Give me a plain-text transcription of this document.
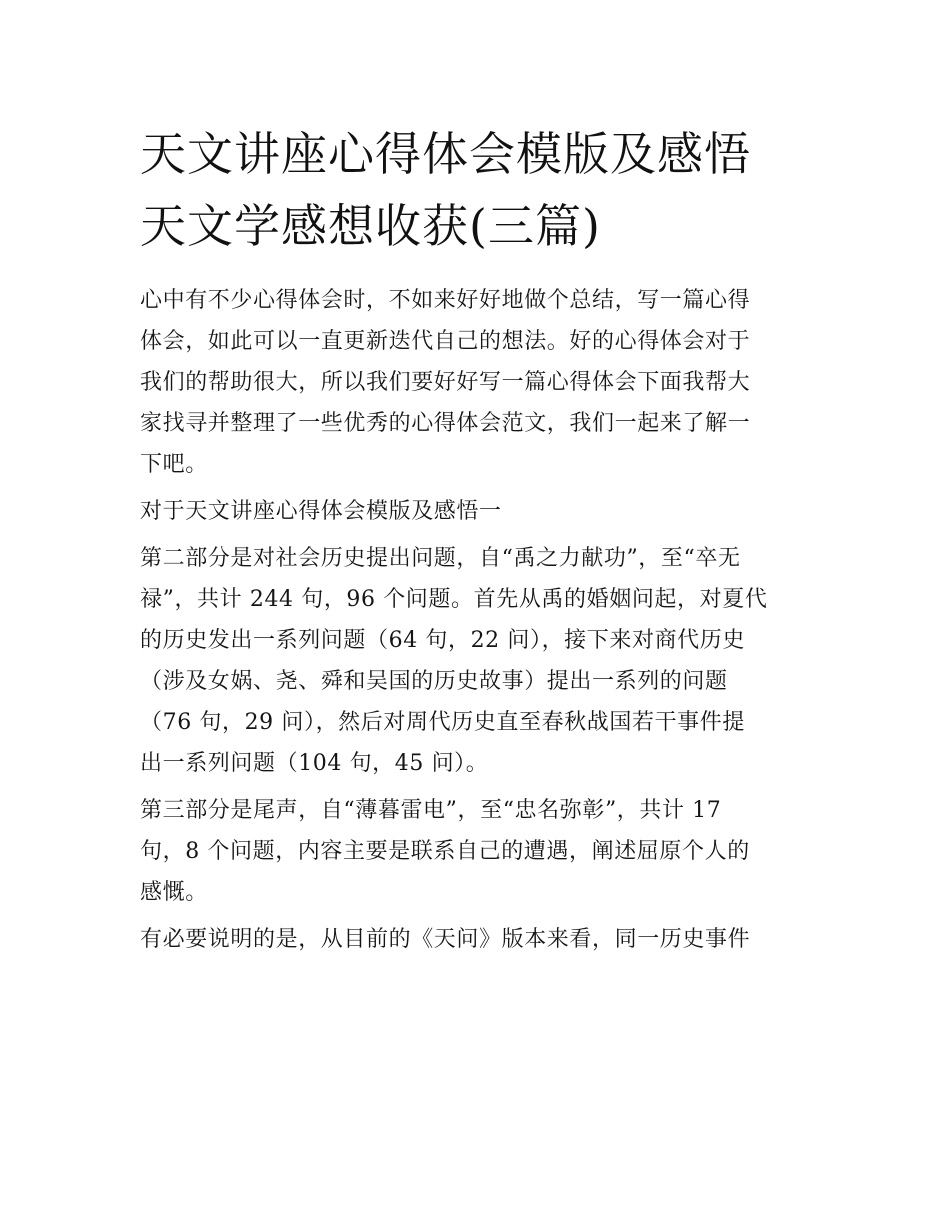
天文讲座心得体会模版及感悟
天文学感想收获(三篇)

心中有不少心得体会时，不如来好好地做个总结，写一篇心得
体会，如此可以一直更新迭代自己的想法。好的心得体会对于
我们的帮助很大，所以我们要好好写一篇心得体会下面我帮大
家找寻并整理了一些优秀的心得体会范文，我们一起来了解一
下吧。

对于天文讲座心得体会模版及感悟一

第二部分是对社会历史提出问题，自“禹之力献功”，至“卒无
禄”，共计 244 句，96 个问题。首先从禹的婚姻问起，对夏代
的历史发出一系列问题（64 句，22 问），接下来对商代历史
（涉及女娲、尧、舜和吴国的历史故事）提出一系列的问题
（76 句，29 问），然后对周代历史直至春秋战国若干事件提
出一系列问题（104 句，45 问）。

第三部分是尾声，自“薄暮雷电”，至“忠名弥彰”，共计 17
句，8 个问题，内容主要是联系自己的遭遇，阐述屈原个人的
感慨。

有必要说明的是，从目前的《天问》版本来看，同一历史事件
